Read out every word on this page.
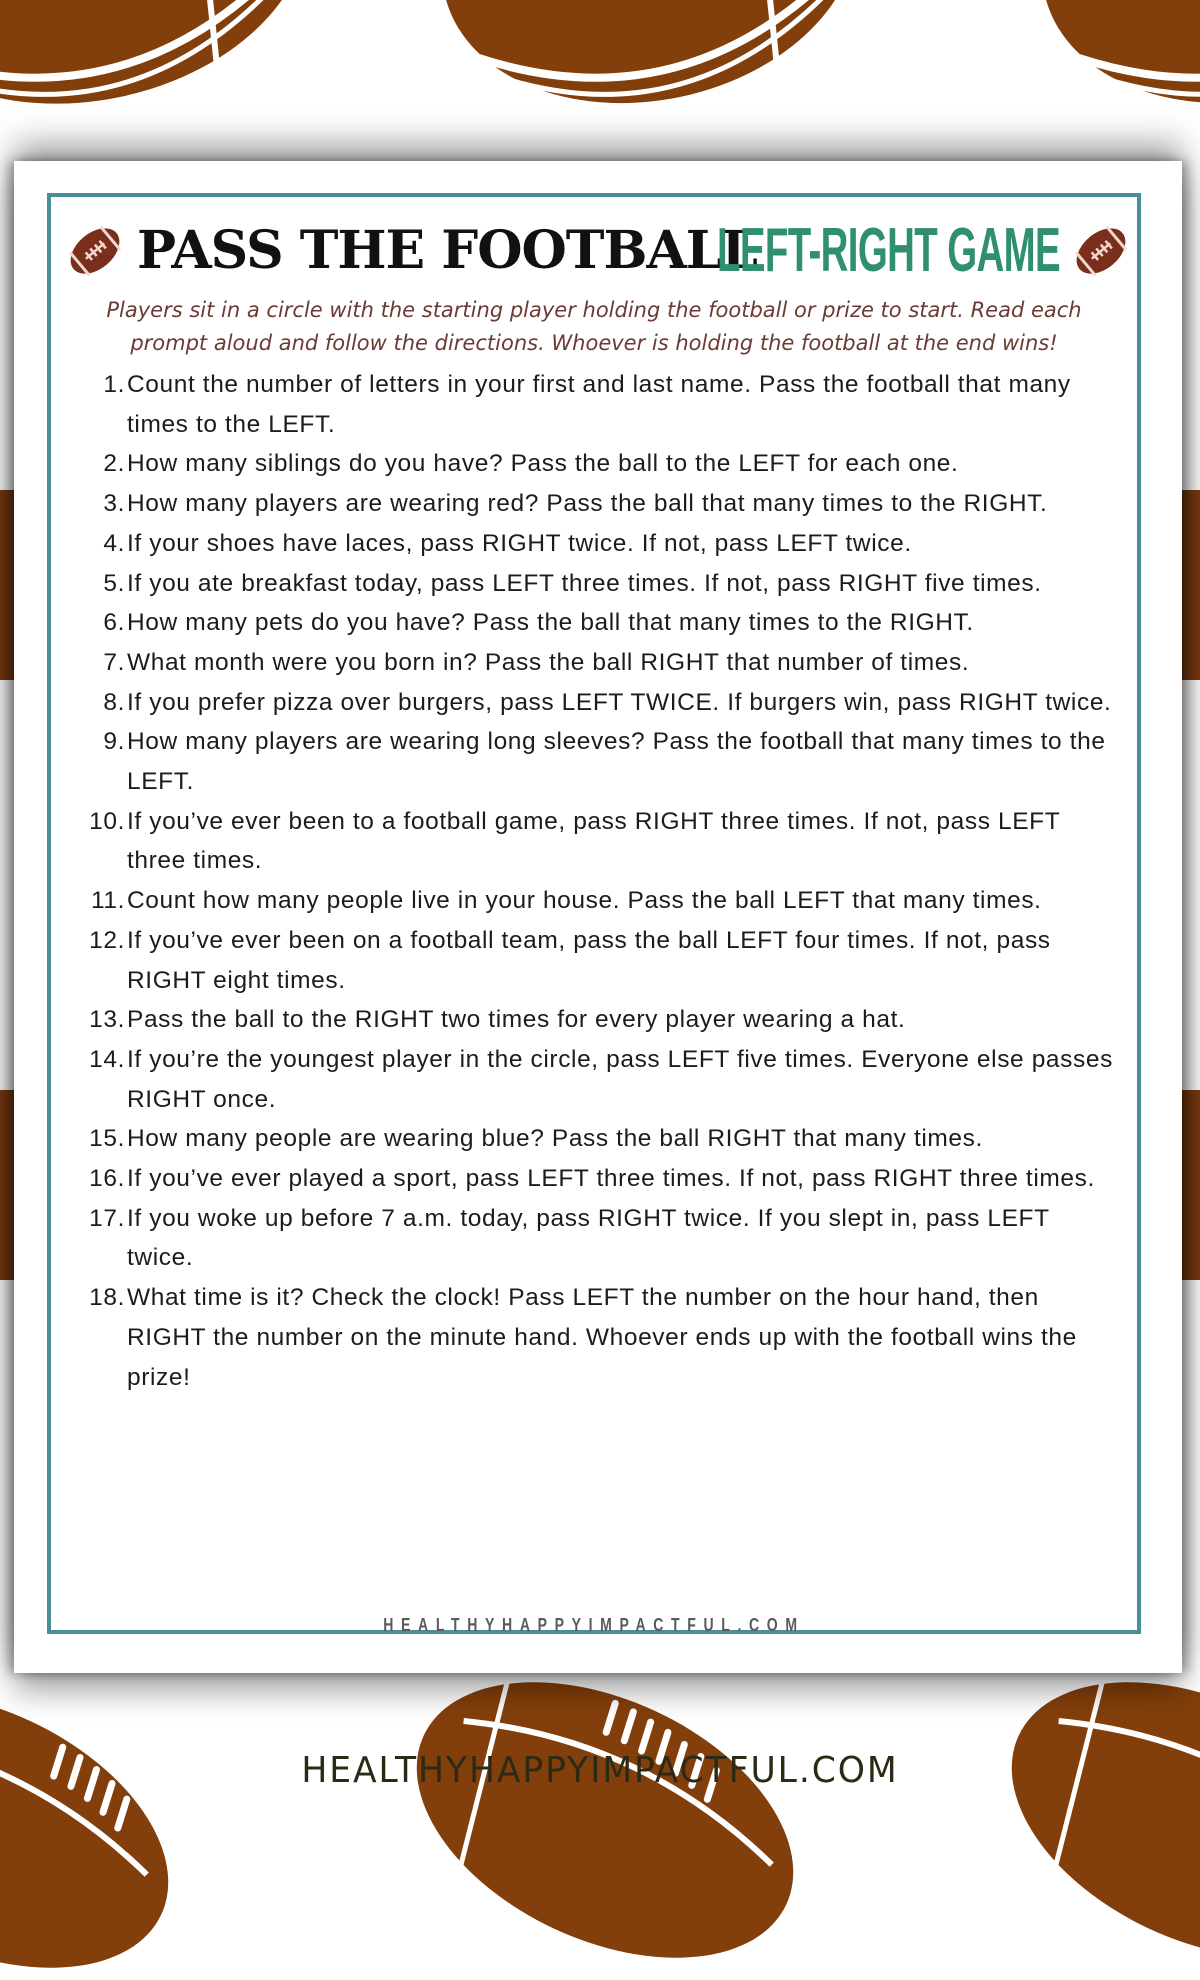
PASS THE FOOTBALL
LEFT-RIGHT GAME
Players sit in a circle with the starting player holding the football or prize to start. Read each
prompt aloud and follow the directions. Whoever is holding the football at the end wins!
1. Count the number of letters in your first and last name. Pass the football that many times to the LEFT.
2. How many siblings do you have? Pass the ball to the LEFT for each one.
3. How many players are wearing red? Pass the ball that many times to the RIGHT.
4. If your shoes have laces, pass RIGHT twice. If not, pass LEFT twice.
5. If you ate breakfast today, pass LEFT three times. If not, pass RIGHT five times.
6. How many pets do you have? Pass the ball that many times to the RIGHT.
7. What month were you born in? Pass the ball RIGHT that number of times.
8. If you prefer pizza over burgers, pass LEFT TWICE. If burgers win, pass RIGHT twice.
9. How many players are wearing long sleeves? Pass the football that many times to the LEFT.
10. If you’ve ever been to a football game, pass RIGHT three times. If not, pass LEFT three times.
11. Count how many people live in your house. Pass the ball LEFT that many times.
12. If you’ve ever been on a football team, pass the ball LEFT four times. If not, pass RIGHT eight times.
13. Pass the ball to the RIGHT two times for every player wearing a hat.
14. If you’re the youngest player in the circle, pass LEFT five times. Everyone else passes RIGHT once.
15. How many people are wearing blue? Pass the ball RIGHT that many times.
16. If you’ve ever played a sport, pass LEFT three times. If not, pass RIGHT three times.
17. If you woke up before 7 a.m. today, pass RIGHT twice. If you slept in, pass LEFT twice.
18. What time is it? Check the clock! Pass LEFT the number on the hour hand, then RIGHT the number on the minute hand. Whoever ends up with the football wins the prize!
HEALTHYHAPPYIMPACTFUL.COM
HEALTHYHAPPYIMPACTFUL.COM
